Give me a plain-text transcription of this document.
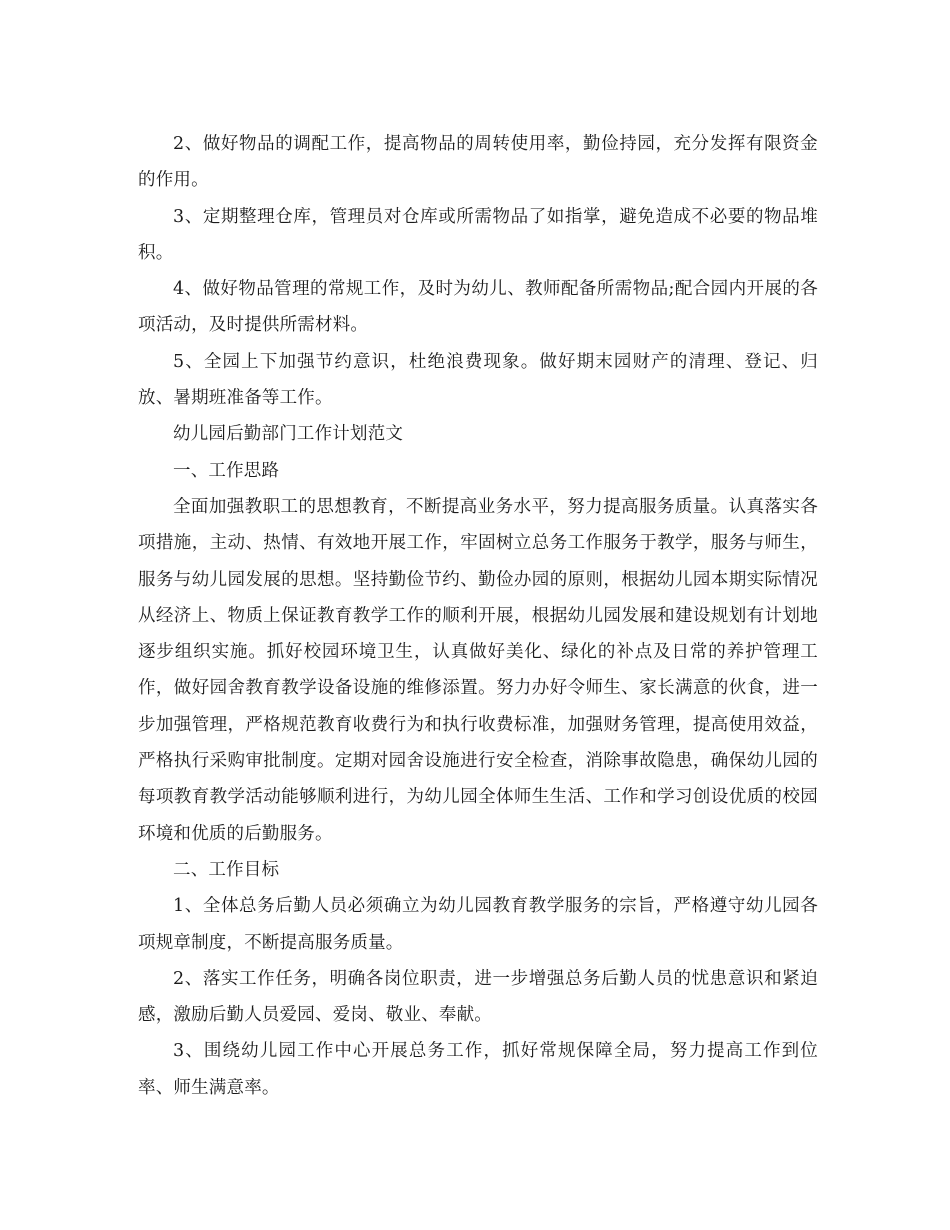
2、做好物品的调配工作，提高物品的周转使用率，勤俭持园，充分发挥有限资金的作用。

3、定期整理仓库，管理员对仓库或所需物品了如指掌，避免造成不必要的物品堆积。

4、做好物品管理的常规工作，及时为幼儿、教师配备所需物品;配合园内开展的各项活动，及时提供所需材料。

5、全园上下加强节约意识，杜绝浪费现象。做好期末园财产的清理、登记、归放、暑期班准备等工作。

幼儿园后勤部门工作计划范文

一、工作思路

全面加强教职工的思想教育，不断提高业务水平，努力提高服务质量。认真落实各项措施，主动、热情、有效地开展工作，牢固树立总务工作服务于教学，服务与师生，服务与幼儿园发展的思想。坚持勤俭节约、勤俭办园的原则，根据幼儿园本期实际情况从经济上、物质上保证教育教学工作的顺利开展，根据幼儿园发展和建设规划有计划地逐步组织实施。抓好校园环境卫生，认真做好美化、绿化的补点及日常的养护管理工作，做好园舍教育教学设备设施的维修添置。努力办好令师生、家长满意的伙食，进一步加强管理，严格规范教育收费行为和执行收费标准，加强财务管理，提高使用效益，严格执行采购审批制度。定期对园舍设施进行安全检查，消除事故隐患，确保幼儿园的每项教育教学活动能够顺利进行，为幼儿园全体师生生活、工作和学习创设优质的校园环境和优质的后勤服务。

二、工作目标

1、全体总务后勤人员必须确立为幼儿园教育教学服务的宗旨，严格遵守幼儿园各项规章制度，不断提高服务质量。

2、落实工作任务，明确各岗位职责，进一步增强总务后勤人员的忧患意识和紧迫感，激励后勤人员爱园、爱岗、敬业、奉献。

3、围绕幼儿园工作中心开展总务工作，抓好常规保障全局，努力提高工作到位率、师生满意率。
